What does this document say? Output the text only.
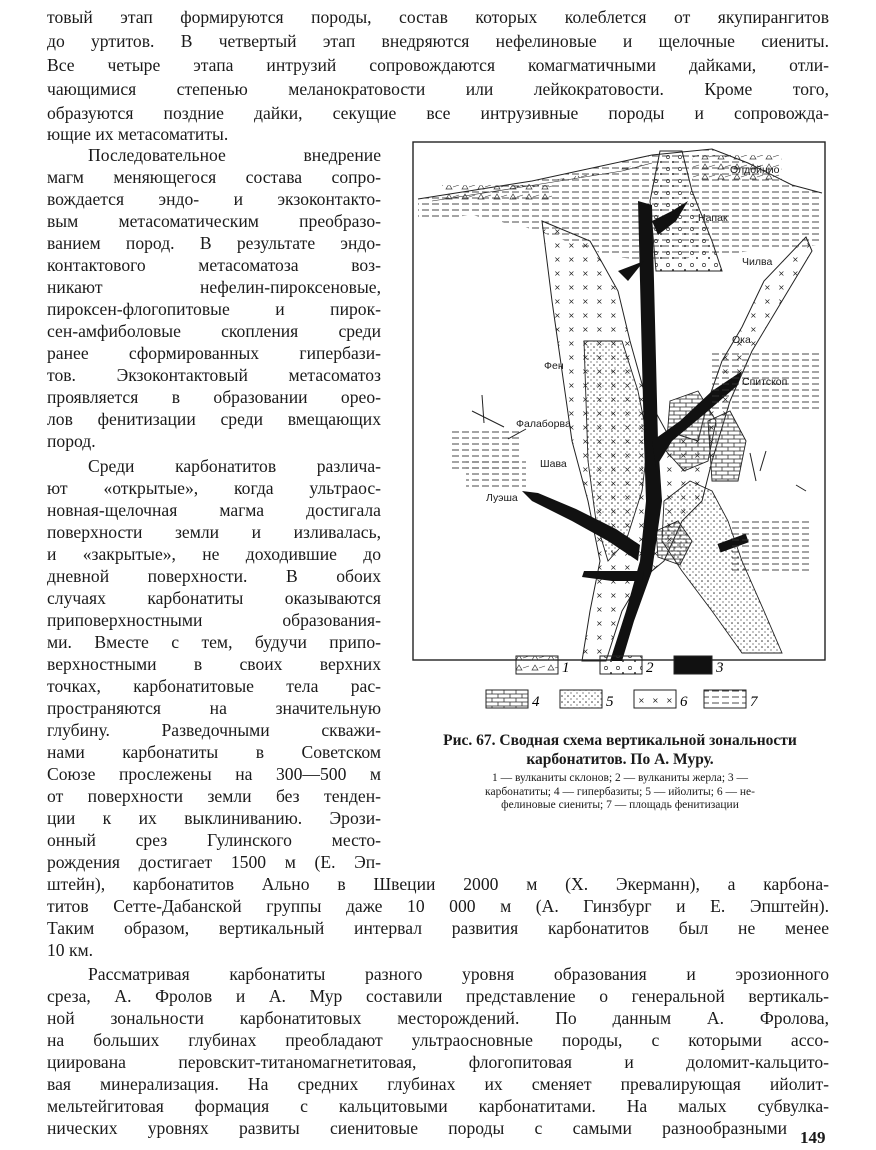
товый этап формируются породы, состав которых колеблется от якупирангитов
до уртитов. В четвертый этап внедряются нефелиновые и щелочные сиениты.
Все четыре этапа интрузий сопровождаются комагматичными дайками, отли-
чающимися степенью меланократовости или лейкократовости. Кроме того,
образуются поздние дайки, секущие все интрузивные породы и сопровожда-
ющие их метасоматиты.
Последовательное внедрение
магм меняющегося состава сопро-
вождается эндо- и экзоконтакто-
вым метасоматическим преобразо-
ванием пород. В результате эндо-
контактового метасоматоза воз-
никают нефелин-пироксеновые,
пироксен-флогопитовые и пирок-
сен-амфиболовые скопления среди
ранее сформированных гипербази-
тов. Экзоконтактовый метасоматоз
проявляется в образовании орео-
лов фенитизации среди вмещающих
пород.
Среди карбонатитов различа-
ют «открытые», когда ультраос-
новная-щелочная магма достигала
поверхности земли и изливалась,
и «закрытые», не доходившие до
дневной поверхности. В обоих
случаях карбонатиты оказываются
приповерхностными образования-
ми. Вместе с тем, будучи припо-
верхностными в своих верхних
точках, карбонатитовые тела рас-
пространяются на значительную
глубину. Разведочными скважи-
нами карбонатиты в Советском
Союзе прослежены на 300—500 м
от поверхности земли без тенден-
ции к их выклиниванию. Эрози-
онный срез Гулинского место-
рождения достигает 1500 м (Е. Эп-
Олдойнио
Напак
Чилва
Ока
Фен
Спитскоп
Фалаборва
Шава
Луэша
1	2	3
4	5	6	7
Рис. 67. Сводная схема вертикальной зональности
карбонатитов. По А. Муру.
1 — вулканиты склонов; 2 — вулканиты жерла; 3 —
карбонатиты; 4 — гипербазиты; 5 — ийолиты; 6 — не-
фелиновые сиениты; 7 — площадь фенитизации
штейн), карбонатитов Ально в Швеции 2000 м (Х. Экерманн), а карбона-
титов Сетте-Дабанской группы даже 10 000 м (А. Гинзбург и Е. Эпштейн).
Таким образом, вертикальный интервал развития карбонатитов был не менее
10 км.
Рассматривая карбонатиты разного уровня образования и эрозионного
среза, А. Фролов и А. Мур составили представление о генеральной вертикаль-
ной зональности карбонатитовых месторождений. По данным А. Фролова,
на больших глубинах преобладают ультраосновные породы, с которыми ассо-
циирована перовскит-титаномагнетитовая, флогопитовая и доломит-кальцито-
вая минерализация. На средних глубинах их сменяет превалирующая ийолит-
мельтейгитовая формация с кальцитовыми карбонатитами. На малых субвулка-
нических уровнях развиты сиенитовые породы с самыми разнообразными 149
